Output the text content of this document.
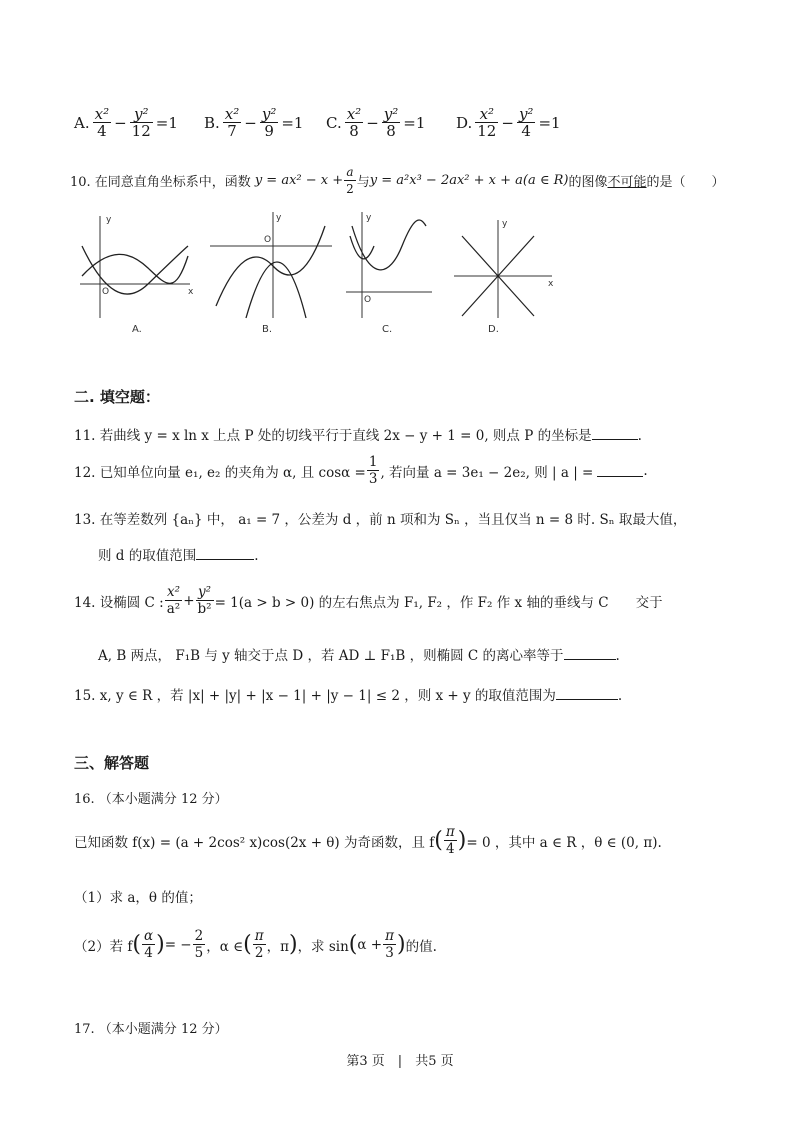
A. $\frac{\text{x²}}{4} - \frac{\text{y²}}{12} =1$	B. $\frac{\text{x²}}{7} - \frac{\text{y²}}{9} =1$	C. $\frac{\text{x²}}{8} - \frac{\text{y²}}{8} =1$	D. $\frac{\text{x²}}{12} - \frac{\text{y²}}{4} =1$
10. 在同意直角坐标系中，函数 $y = ax^2 - x + \frac{a}{2}$ 与 y = a²x³ − 2ax² + x + a(a ∈ R) 的图像 不可能 的是（　　）
y
x
O
A.
y
O
B.
y
O
C.
y
x
D.
二. 填空题：
11. 若曲线 y = x ln x 上点 P 处的切线平行于直线 2x − y + 1 = 0, 则点 P 的坐标是	.
12. 已知单位向量 e₁, e₂ 的夹角为 α, 且 $\cos\alpha = \frac{1}{3}$ , 若向量 a = 3e₁ − 2e₂, 则 | a | =	.
13. 在等差数列 {aₙ} 中， a₁ = 7 ，公差为 d ，前 n 项和为 Sₙ ，当且仅当 n = 8 时. Sₙ 取最大值，
则 d 的取值范围	.
14. 设椭圆 C : $\frac{\text{x²}}{\text{a²}} + \frac{\text{y²}}{\text{b²}} = 1(a > b > 0)$ 的左右焦点为 F₁, F₂ ，作 F₂ 作 x 轴的垂线与 C　　交于
A, B 两点， F₁B 与 y 轴交于点 D ，若 AD ⊥ F₁B ，则椭圆 C 的离心率等于	.
15. x, y ∈ R ，若 |x| + |y| + |x − 1| + |y − 1| ≤ 2 ，则 x + y 的取值范围为	.
三、解答题
16. （本小题满分 12 分）
已知函数 f(x) = (a + 2cos² x)cos(2x + θ) 为奇函数，且 f ( $\frac{\pi}{4}$ ) = 0 ，其中 a ∈ R ，θ ∈ (0, π).
（1）求 a，θ 的值；
（2）若 f ( $\frac{\alpha}{4}$ ) = − $\frac{2}{5}$ ，α ∈ ( $\frac{\pi}{2}$ ，π ) ，求 sin ( $\alpha + \frac{\pi}{3}$ ) 的值.
17. （本小题满分 12 分）
第3 页　|　共5 页
